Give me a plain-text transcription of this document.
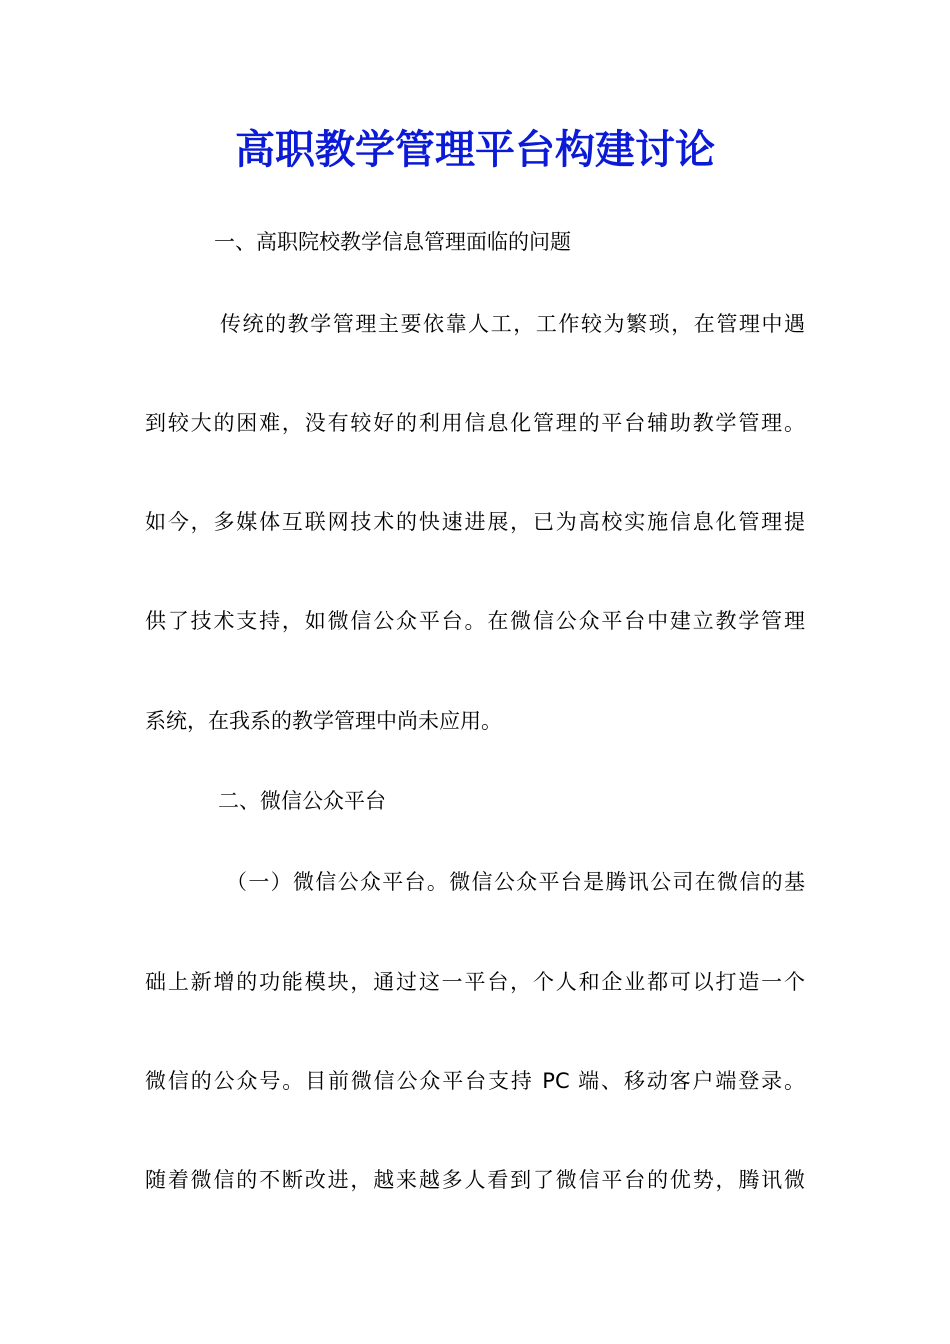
高职教学管理平台构建讨论
一、高职院校教学信息管理面临的问题
传统的教学管理主要依靠人工，工作较为繁琐，在管理中遇
到较大的困难，没有较好的利用信息化管理的平台辅助教学管理。
如今，多媒体互联网技术的快速进展，已为高校实施信息化管理提
供了技术支持，如微信公众平台。在微信公众平台中建立教学管理
系统，在我系的教学管理中尚未应用。
二、微信公众平台
（一）微信公众平台。微信公众平台是腾讯公司在微信的基
础上新增的功能模块，通过这一平台，个人和企业都可以打造一个
微信的公众号。目前微信公众平台支持 PC 端、移动客户端登录。
随着微信的不断改进，越来越多人看到了微信平台的优势，腾讯微
